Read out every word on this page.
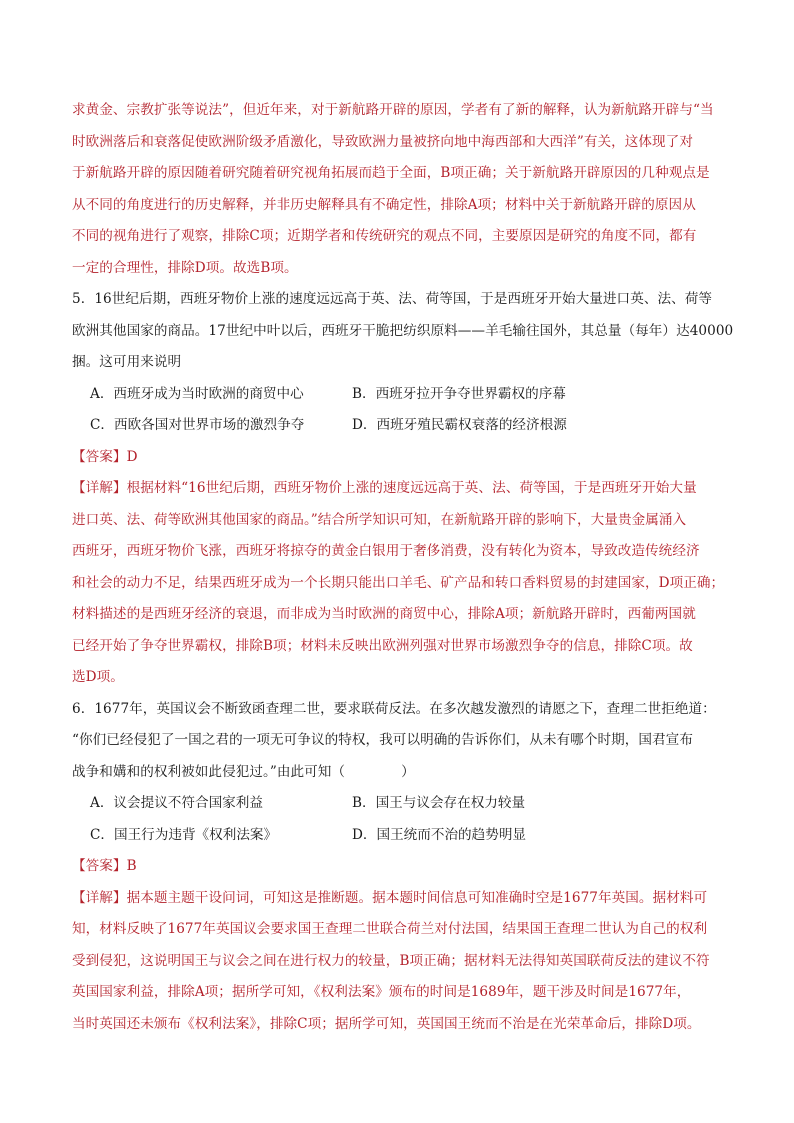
求黄金、宗教扩张等说法”，但近年来，对于新航路开辟的原因，学者有了新的解释，认为新航路开辟与“当
时欧洲落后和衰落促使欧洲阶级矛盾激化，导致欧洲力量被挤向地中海西部和大西洋”有关，这体现了对
于新航路开辟的原因随着研究随着研究视角拓展而趋于全面，B项正确；关于新航路开辟原因的几种观点是
从不同的角度进行的历史解释，并非历史解释具有不确定性，排除A项；材料中关于新航路开辟的原因从
不同的视角进行了观察，排除C项；近期学者和传统研究的观点不同，主要原因是研究的角度不同，都有
一定的合理性，排除D项。故选B项。
5．16世纪后期，西班牙物价上涨的速度远远高于英、法、荷等国，于是西班牙开始大量进口英、法、荷等
欧洲其他国家的商品。17世纪中叶以后，西班牙干脆把纺织原料——羊毛输往国外，其总量（每年）达40000
捆。这可用来说明
A．西班牙成为当时欧洲的商贸中心	B．西班牙拉开争夺世界霸权的序幕
C．西欧各国对世界市场的激烈争夺	D．西班牙殖民霸权衰落的经济根源
【答案】D
【详解】根据材料“16世纪后期，西班牙物价上涨的速度远远高于英、法、荷等国，于是西班牙开始大量
进口英、法、荷等欧洲其他国家的商品。”结合所学知识可知，在新航路开辟的影响下，大量贵金属涌入
西班牙，西班牙物价飞涨，西班牙将掠夺的黄金白银用于奢侈消费，没有转化为资本，导致改造传统经济
和社会的动力不足，结果西班牙成为一个长期只能出口羊毛、矿产品和转口香料贸易的封建国家，D项正确；
材料描述的是西班牙经济的衰退，而非成为当时欧洲的商贸中心，排除A项；新航路开辟时，西葡两国就
已经开始了争夺世界霸权，排除B项；材料未反映出欧洲列强对世界市场激烈争夺的信息，排除C项。故
选D项。
6．1677年，英国议会不断致函查理二世，要求联荷反法。在多次越发激烈的请愿之下，查理二世拒绝道：
“你们已经侵犯了一国之君的一项无可争议的特权，我可以明确的告诉你们，从未有哪个时期，国君宣布
战争和媾和的权利被如此侵犯过。”由此可知（	）
A．议会提议不符合国家利益	B．国王与议会存在权力较量
C．国王行为违背《权利法案》	D．国王统而不治的趋势明显
【答案】B
【详解】据本题主题干设问词，可知这是推断题。据本题时间信息可知准确时空是1677年英国。据材料可
知，材料反映了1677年英国议会要求国王查理二世联合荷兰对付法国，结果国王查理二世认为自己的权利
受到侵犯，这说明国王与议会之间在进行权力的较量，B项正确；据材料无法得知英国联荷反法的建议不符
英国国家利益，排除A项；据所学可知，《权利法案》颁布的时间是1689年，题干涉及时间是1677年，
当时英国还未颁布《权利法案》，排除C项；据所学可知，英国国王统而不治是在光荣革命后，排除D项。
